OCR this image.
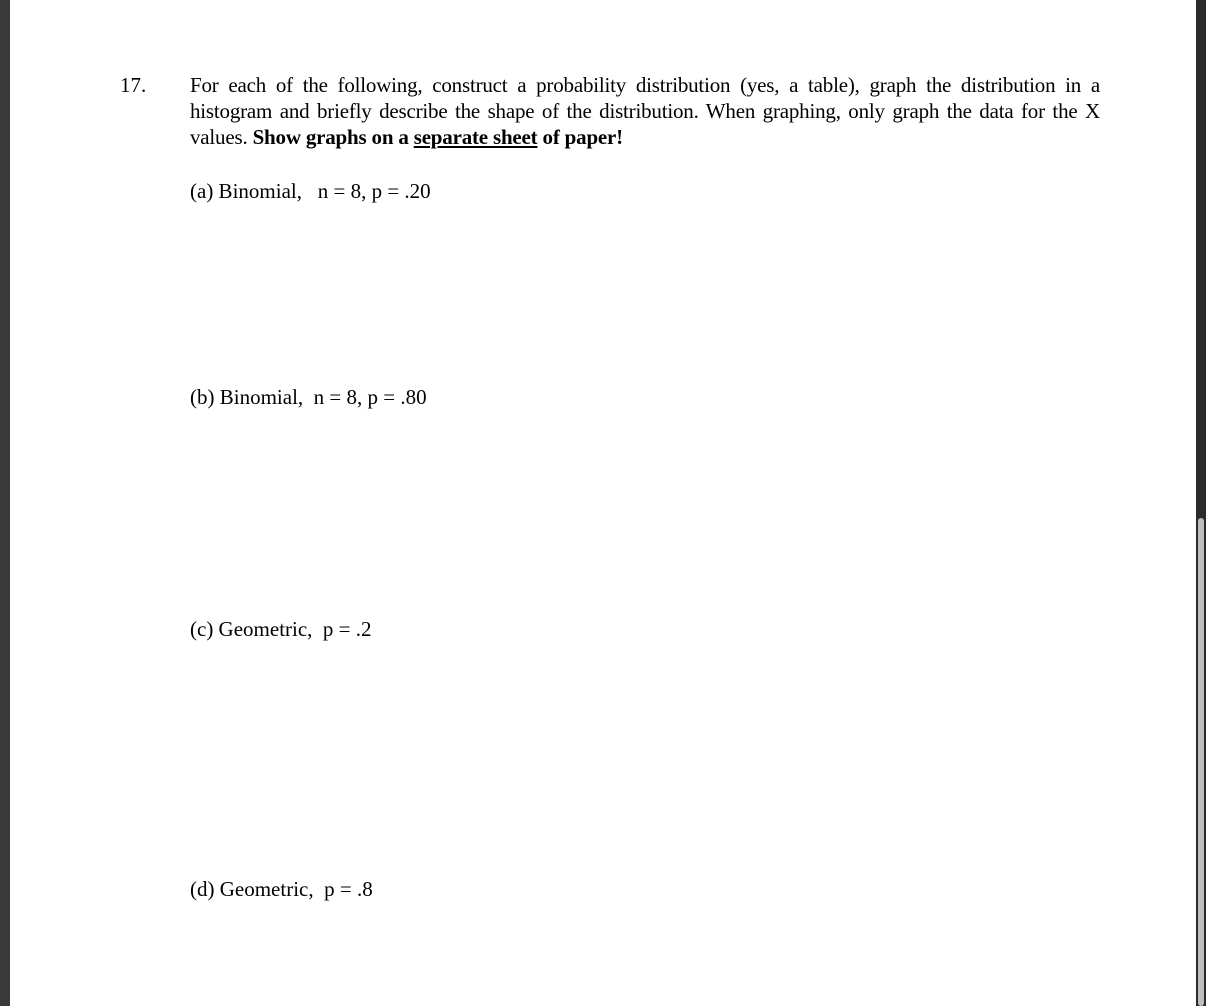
17. For each of the following, construct a probability distribution (yes, a table), graph the distribution in a histogram and briefly describe the shape of the distribution. When graphing, only graph the data for the X values. Show graphs on a separate sheet of paper!
(a) Binomial,   n = 8, p = .20
(b) Binomial,  n = 8, p = .80
(c) Geometric,  p = .2
(d) Geometric,  p = .8
